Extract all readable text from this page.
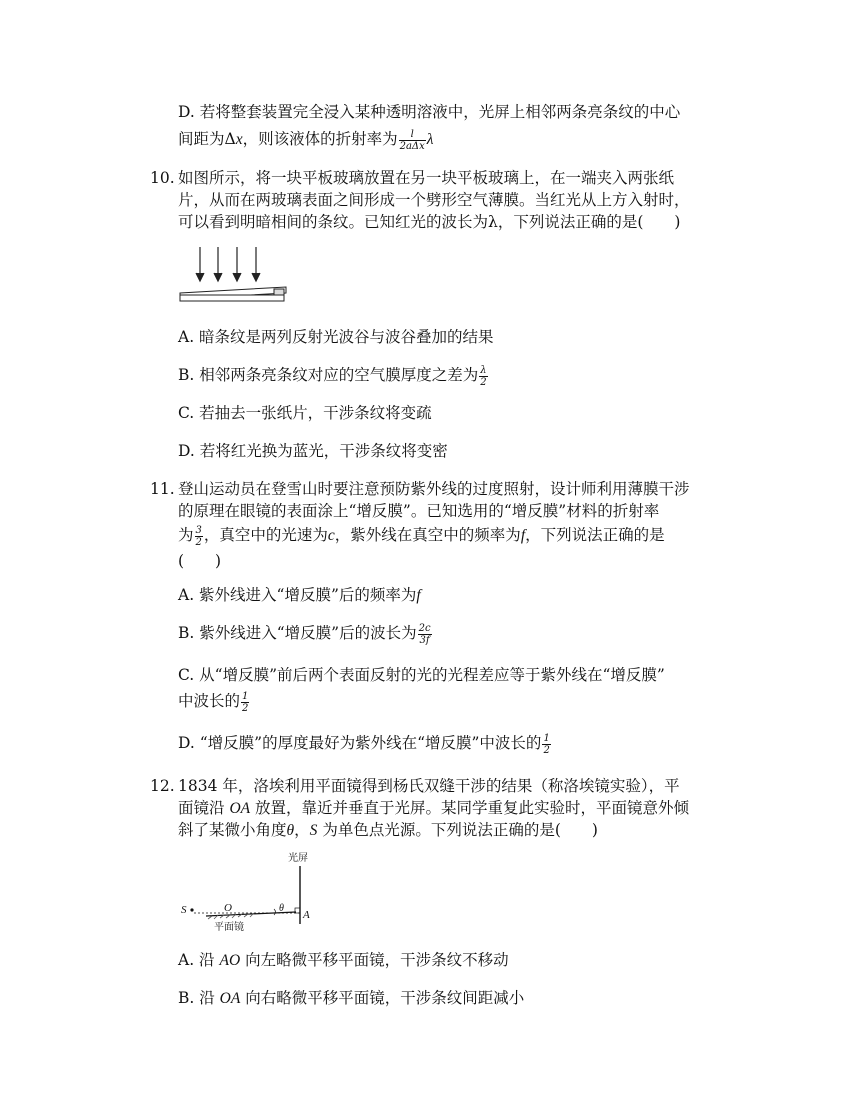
D. 若将整套装置完全浸入某种透明溶液中，光屏上相邻两条亮条纹的中心
间距为Δx，则该液体的折射率为 $\frac{l}{\text{2aΔx}}$ λ
10. 如图所示，将一块平板玻璃放置在另一块平板玻璃上，在一端夹入两张纸
片，从而在两玻璃表面之间形成一个劈形空气薄膜。当红光从上方入射时，
可以看到明暗相间的条纹。已知红光的波长为λ，下列说法正确的是(　　)
A. 暗条纹是两列反射光波谷与波谷叠加的结果
B. 相邻两条亮条纹对应的空气膜厚度之差为 $\frac{\lambda}{2}$
C. 若抽去一张纸片，干涉条纹将变疏
D. 若将红光换为蓝光，干涉条纹将变密
11. 登山运动员在登雪山时要注意预防紫外线的过度照射，设计师利用薄膜干涉
的原理在眼镜的表面涂上“增反膜”。已知选用的“增反膜”材料的折射率
为 $\frac{3}{2}$ ，真空中的光速为c，紫外线在真空中的频率为f，下列说法正确的是
(　　)
A. 紫外线进入“增反膜”后的频率为f
B. 紫外线进入“增反膜”后的波长为 $\frac{2c}{3f}$
C. 从“增反膜”前后两个表面反射的光的光程差应等于紫外线在“增反膜”
中波长的 $\frac{1}{2}$
D. “增反膜”的厚度最好为紫外线在“增反膜”中波长的 $\frac{1}{2}$
12. 1834 年，洛埃利用平面镜得到杨氏双缝干涉的结果（称洛埃镜实验），平
面镜沿 OA 放置，靠近并垂直于光屏。某同学重复此实验时，平面镜意外倾
斜了某微小角度θ，S 为单色点光源。下列说法正确的是(　　)
光屏
S	O	θ
A
平面镜
A. 沿 AO 向左略微平移平面镜，干涉条纹不移动
B. 沿 OA 向右略微平移平面镜，干涉条纹间距减小
